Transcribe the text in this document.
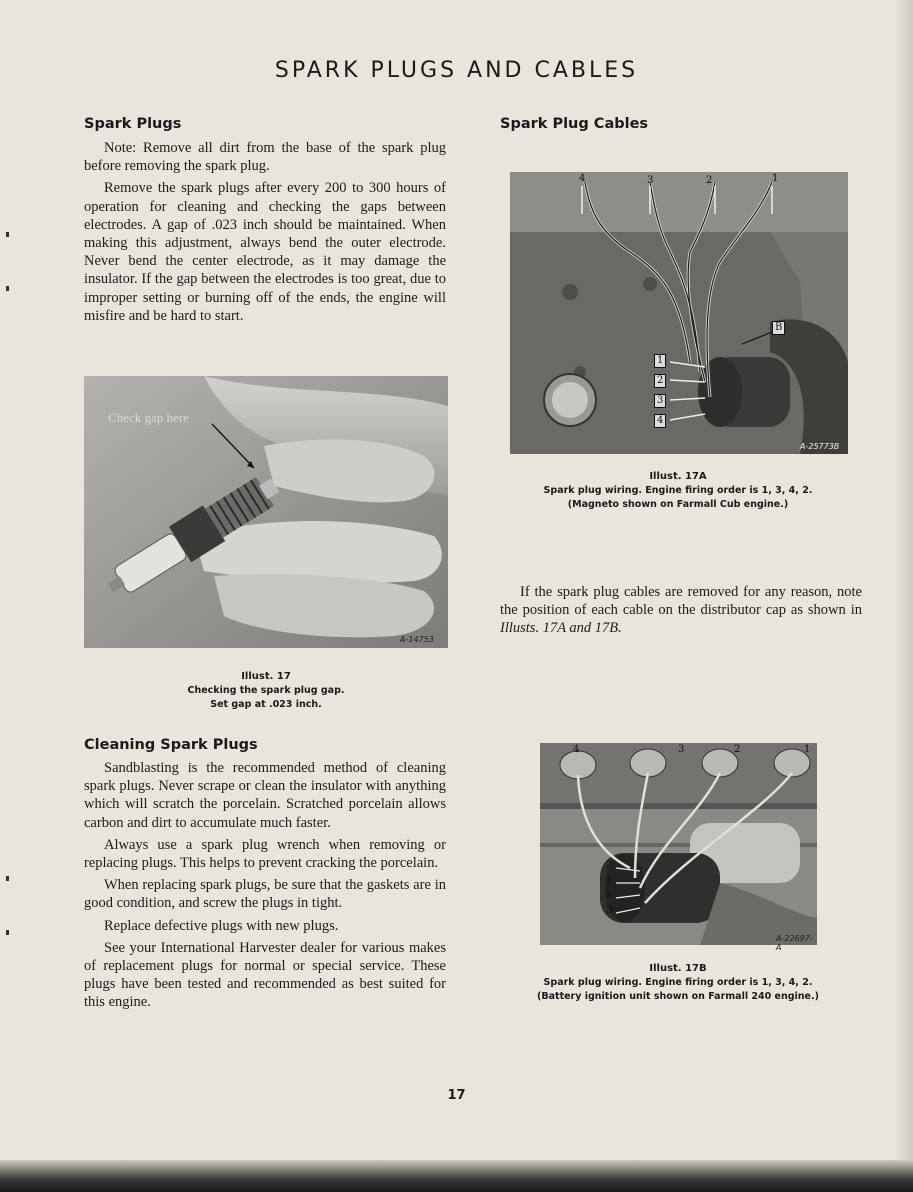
SPARK PLUGS AND CABLES
Spark Plugs

Note: Remove all dirt from the base of the spark plug before removing the spark plug.

Remove the spark plugs after every 200 to 300 hours of operation for cleaning and checking the gaps between electrodes. A gap of .023 inch should be maintained. When making this adjustment, always bend the outer electrode. Never bend the center electrode, as it may damage the insulator. If the gap between the electrodes is too great, due to improper setting or burning off of the ends, the engine will misfire and be hard to start.

Check gap here
A-14753
Illust. 17
Checking the spark plug gap.
Set gap at .023 inch.
Cleaning Spark Plugs

Sandblasting is the recommended method of cleaning spark plugs. Never scrape or clean the insulator with anything which will scratch the porcelain. Scratched porcelain allows carbon and dirt to accumulate much faster.

Always use a spark plug wrench when removing or replacing plugs. This helps to prevent cracking the porcelain.

When replacing spark plugs, be sure that the gaskets are in good condition, and screw the plugs in tight.

Replace defective plugs with new plugs.

See your International Harvester dealer for various makes of replacement plugs for normal or special service. These plugs have been tested and recommended as best suited for this engine.

Spark Plug Cables
4	3	2	1
1
2
3
4
B
A-25773B
Illust. 17A
Spark plug wiring. Engine firing order is 1, 3, 4, 2.
(Magneto shown on Farmall Cub engine.)

If the spark plug cables are removed for any reason, note the position of each cable on the distributor cap as shown in Illusts. 17A and 17B.

4	3	2	1
2
1
4
3
A-22697-A
Illust. 17B
Spark plug wiring. Engine firing order is 1, 3, 4, 2.
(Battery ignition unit shown on Farmall 240 engine.)
17
